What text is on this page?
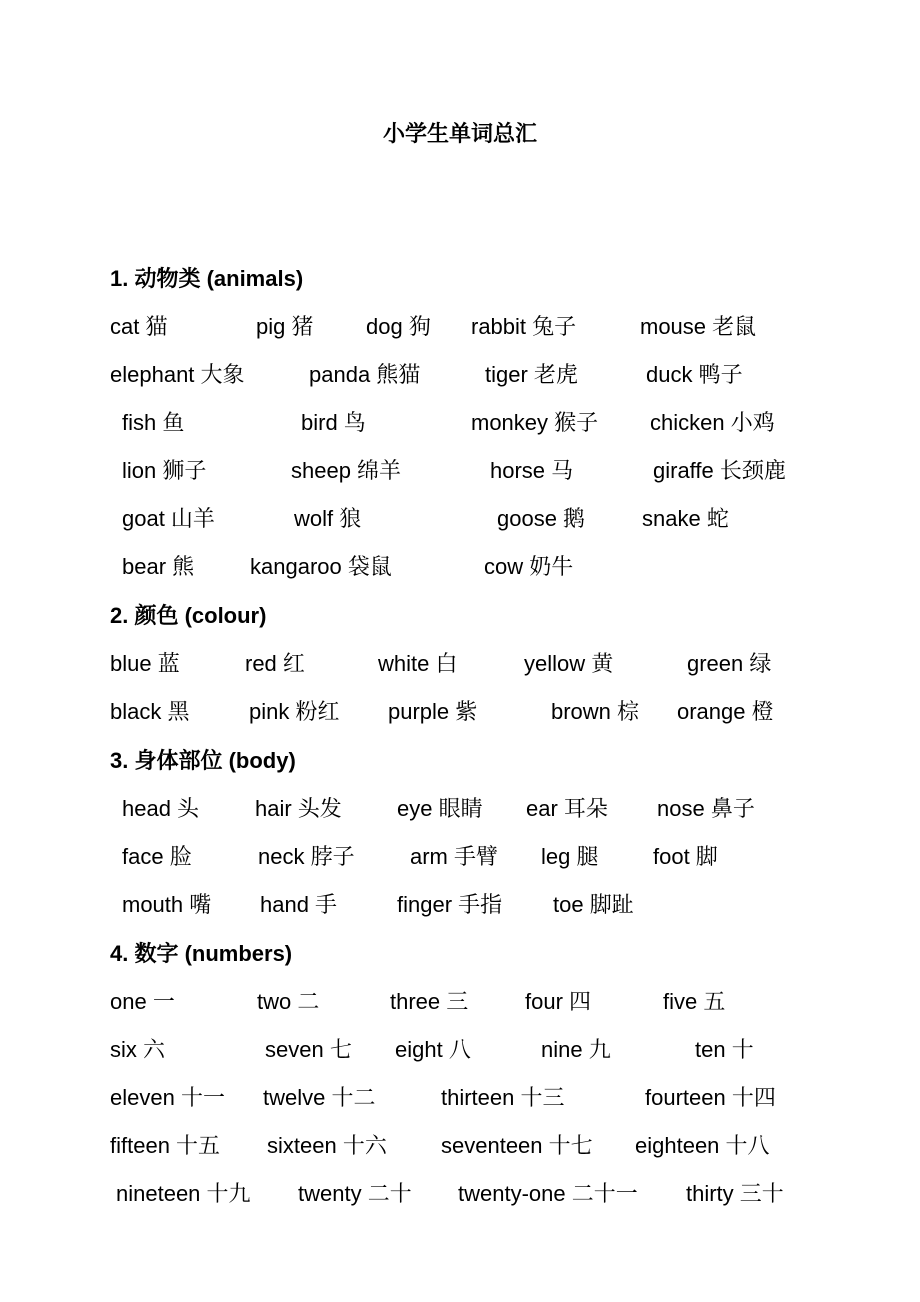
小学生单词总汇
1. 动物类 (animals)
cat 猫	pig 猪 dog 狗 rabbit 兔子	mouse 老鼠
elephant 大象	panda 熊猫	tiger 老虎	duck 鸭子
fish 鱼	bird 鸟	monkey 猴子 chicken 小鸡
lion 狮子	sheep 绵羊	horse 马	giraffe 长颈鹿
goat 山羊	wolf 狼	goose 鹅	snake 蛇
bear 熊	kangaroo 袋鼠	cow 奶牛
2. 颜色 (colour)
blue 蓝	red 红	white 白	yellow 黄	green 绿
black 黑	pink 粉红 purple 紫	brown 棕 orange 橙
3. 身体部位 (body)
head 头	hair 头发	eye 眼睛 ear 耳朵 nose 鼻子
face 脸	neck 脖子	arm 手臂 leg 腿 foot 脚
mouth 嘴 hand 手	finger 手指 toe 脚趾
4. 数字 (numbers)
one 一	two 二	three 三	four 四	five 五
six 六	seven 七 eight 八	nine 九	ten 十
eleven 十一 twelve 十二	thirteen 十三	fourteen 十四
fifteen 十五 sixteen 十六 seventeen 十七 eighteen 十八
nineteen 十九 twenty 二十 twenty-one 二十一 thirty 三十
